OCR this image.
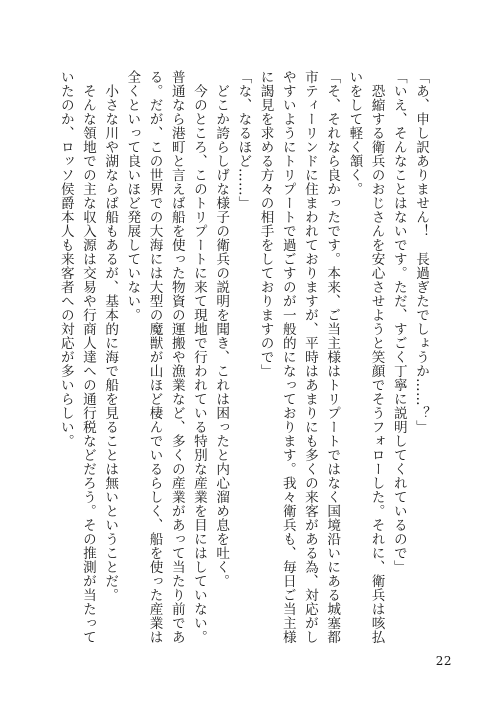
「あ、申し訳ありません！　長過ぎたでしょうか……？」

「いえ、そんなことはないです。ただ、すごく丁寧に説明してくれているので」

　恐縮する衛兵のおじさんを安心させようと笑顔でそうフォローした。それに、衛兵は咳払いをして軽く頷く。

「そ、それなら良かったです。本来、ご当主様はトリプートではなく国境沿いにある城塞都市ティーリンドに住まわれておりますが、平時はあまりにも多くの来客がある為、対応がしやすいようにトリプートで過ごすのが一般的になっております。我々衛兵も、毎日ご当主様に謁見を求める方々の相手をしておりますので」

「な、なるほど……」

　どこか誇らしげな様子の衛兵の説明を聞き、これは困ったと内心溜め息を吐く。

　今のところ、このトリプートに来て現地で行われている特別な産業を目にはしていない。普通なら港町と言えば船を使った物資の運搬や漁業など、多くの産業があって当たり前である。だが、この世界での大海には大型の魔獣が山ほど棲んでいるらしく、船を使った産業は全くといって良いほど発展していない。

　小さな川や湖ならば船もあるが、基本的に海で船を見ることは無いということだ。

　そんな領地での主な収入源は交易や行商人達への通行税などだろう。その推測が当たっていたのか、ロッソ侯爵本人も来客者への対応が多いらしい。

22
